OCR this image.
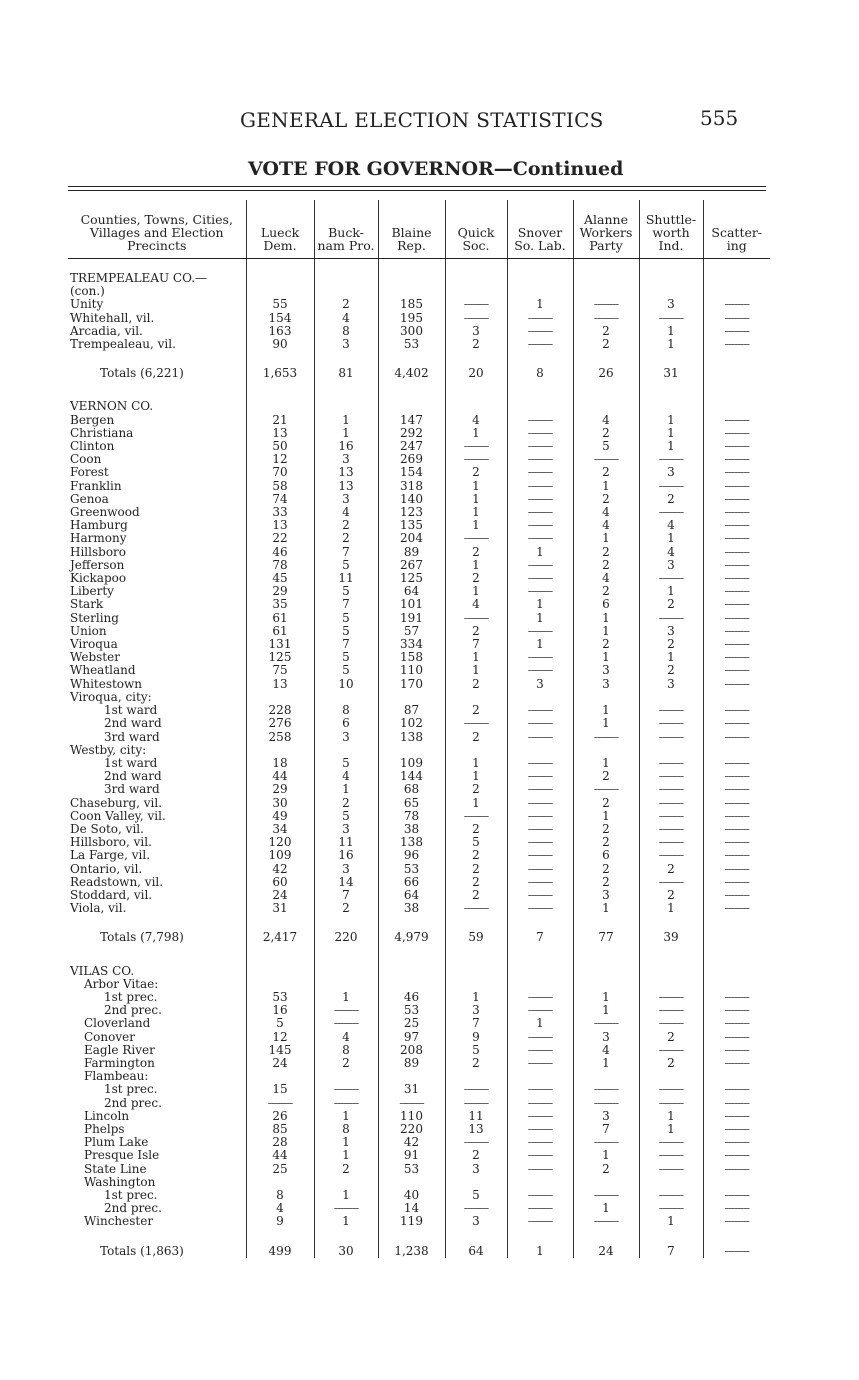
GENERAL ELECTION STATISTICS	555
VOTE FOR GOVERNOR—Continued
Counties, Towns, Cities, Villages and Election Precincts	Lueck Dem.	Buck-nam Pro.	Blaine Rep.	Quick Soc.	Snover So. Lab.	Alanne Workers Party	Shuttle-worth Ind.	Scatter-ing

TREMPEALEAU CO.—								
(con.)								
Unity	55	2	185	--------	1	--------	3	--------
Whitehall, vil.	154	4	195	--------	--------	--------	--------	--------
Arcadia, vil.	163	8	300	3	--------	2	1	--------
Trempealeau, vil.	90	3	53	2	--------	2	1	--------

Totals (6,221)	1,653	81	4,402	20	8	26	31	

VERNON CO.								
Bergen	21	1	147	4	--------	4	1	--------
Christiana	13	1	292	1	--------	2	1	--------
Clinton	50	16	247	--------	--------	5	1	--------
Coon	12	3	269	--------	--------	--------	--------	--------
Forest	70	13	154	2	--------	2	3	--------
Franklin	58	13	318	1	--------	1	--------	--------
Genoa	74	3	140	1	--------	2	2	--------
Greenwood	33	4	123	1	--------	4	--------	--------
Hamburg	13	2	135	1	--------	4	4	--------
Harmony	22	2	204	--------	--------	1	1	--------
Hillsboro	46	7	89	2	1	2	4	--------
Jefferson	78	5	267	1	--------	2	3	--------
Kickapoo	45	11	125	2	--------	4	--------	--------
Liberty	29	5	64	1	--------	2	1	--------
Stark	35	7	101	4	1	6	2	--------
Sterling	61	5	191	--------	1	1	--------	--------
Union	61	5	57	2	--------	1	3	--------
Viroqua	131	7	334	7	1	2	2	--------
Webster	125	5	158	1	--------	1	1	--------
Wheatland	75	5	110	1	--------	3	2	--------
Whitestown	13	10	170	2	3	3	3	--------
Viroqua, city:								
1st ward	228	8	87	2	--------	1	--------	--------
2nd ward	276	6	102	--------	--------	1	--------	--------
3rd ward	258	3	138	2	--------	--------	--------	--------
Westby, city:								
1st ward	18	5	109	1	--------	1	--------	--------
2nd ward	44	4	144	1	--------	2	--------	--------
3rd ward	29	1	68	2	--------	--------	--------	--------
Chaseburg, vil.	30	2	65	1	--------	2	--------	--------
Coon Valley, vil.	49	5	78	--------	--------	1	--------	--------
De Soto, vil.	34	3	38	2	--------	2	--------	--------
Hillsboro, vil.	120	11	138	5	--------	2	--------	--------
La Farge, vil.	109	16	96	2	--------	6	--------	--------
Ontario, vil.	42	3	53	2	--------	2	2	--------
Readstown, vil.	60	14	66	2	--------	2	--------	--------
Stoddard, vil.	24	7	64	2	--------	3	2	--------
Viola, vil.	31	2	38	--------	--------	1	1	--------

Totals (7,798)	2,417	220	4,979	59	7	77	39	

VILAS CO.								
Arbor Vitae:								
1st prec.	53	1	46	1	--------	1	--------	--------
2nd prec.	16	--------	53	3	--------	1	--------	--------
Cloverland	5	--------	25	7	1	--------	--------	--------
Conover	12	4	97	9	--------	3	2	--------
Eagle River	145	8	208	5	--------	4	--------	--------
Farmington	24	2	89	2	--------	1	2	--------
Flambeau:								
1st prec.	15	--------	31	--------	--------	--------	--------	--------
2nd prec.	--------	--------	--------	--------	--------	--------	--------	--------
Lincoln	26	1	110	11	--------	3	1	--------
Phelps	85	8	220	13	--------	7	1	--------
Plum Lake	28	1	42	--------	--------	--------	--------	--------
Presque Isle	44	1	91	2	--------	1	--------	--------
State Line	25	2	53	3	--------	2	--------	--------
Washington								
1st prec.	8	1	40	5	--------	--------	--------	--------
2nd prec.	4	--------	14	--------	--------	1	--------	--------
Winchester	9	1	119	3	--------	--------	1	--------

Totals (1,863)	499	30	1,238	64	1	24	7	--------
